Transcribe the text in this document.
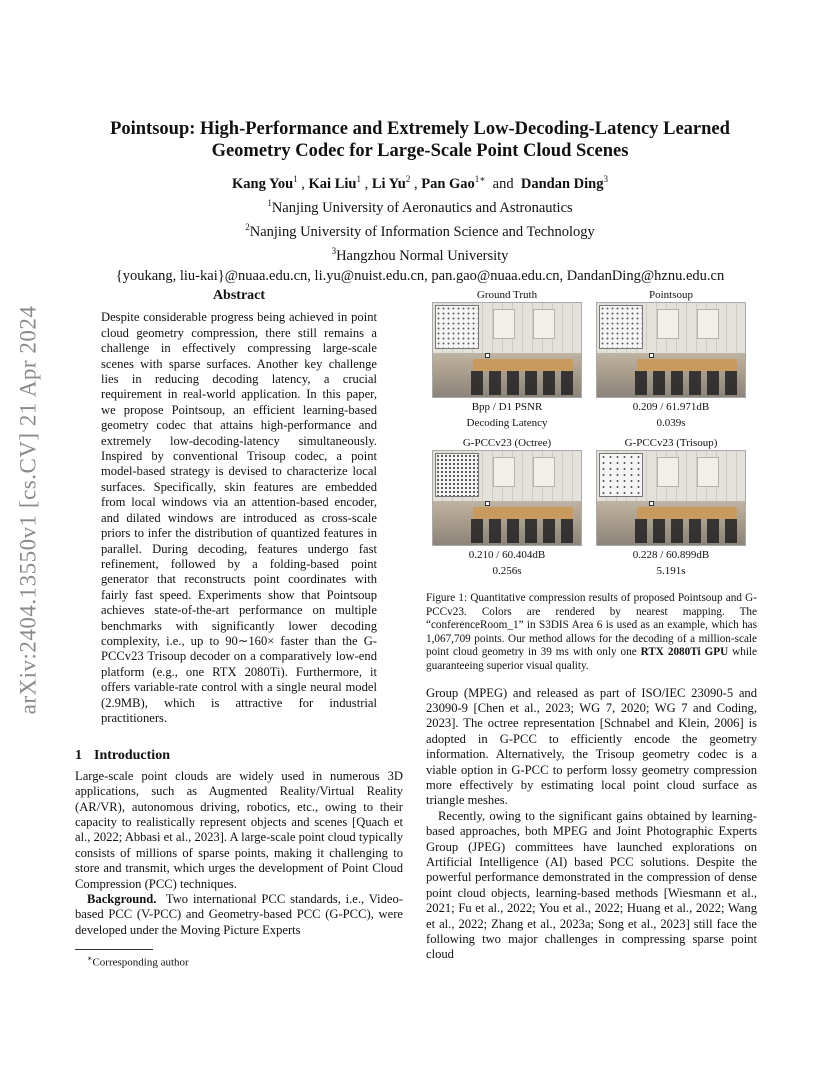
arXiv:2404.13550v1 [cs.CV] 21 Apr 2024
Pointsoup: High-Performance and Extremely Low-Decoding-Latency Learned Geometry Codec for Large-Scale Point Cloud Scenes
Kang You$^1$ , Kai Liu$^1$ , Li Yu$^2$ , Pan Gao$^{1∗}$ and Dandan Ding$^3$
$^1$Nanjing University of Aeronautics and Astronautics
$^2$Nanjing University of Information Science and Technology
$^3$Hangzhou Normal University
{youkang, liu-kai}@nuaa.edu.cn, li.yu@nuist.edu.cn, pan.gao@nuaa.edu.cn, DandanDing@hznu.edu.cn
Abstract
Despite considerable progress being achieved in point cloud geometry compression, there still remains a challenge in effectively compressing large-scale scenes with sparse surfaces. Another key challenge lies in reducing decoding latency, a crucial requirement in real-world application. In this paper, we propose Pointsoup, an efficient learning-based geometry codec that attains high-performance and extremely low-decoding-latency simultaneously. Inspired by conventional Trisoup codec, a point model-based strategy is devised to characterize local surfaces. Specifically, skin features are embedded from local windows via an attention-based encoder, and dilated windows are introduced as cross-scale priors to infer the distribution of quantized features in parallel. During decoding, features undergo fast refinement, followed by a folding-based point generator that reconstructs point coordinates with fairly fast speed. Experiments show that Pointsoup achieves state-of-the-art performance on multiple benchmarks with significantly lower decoding complexity, i.e., up to 90∼160× faster than the G-PCCv23 Trisoup decoder on a comparatively low-end platform (e.g., one RTX 2080Ti). Furthermore, it offers variable-rate control with a single neural model (2.9MB), which is attractive for industrial practitioners.
1 Introduction
Large-scale point clouds are widely used in numerous 3D applications, such as Augmented Reality/Virtual Reality (AR/VR), autonomous driving, robotics, etc., owing to their capacity to realistically represent objects and scenes [Quach et al., 2022; Abbasi et al., 2023]. A large-scale point cloud typically consists of millions of sparse points, making it challenging to store and transmit, which urges the development of Point Cloud Compression (PCC) techniques.
Background. Two international PCC standards, i.e., Video-based PCC (V-PCC) and Geometry-based PCC (G-PCC), were developed under the Moving Picture Experts
∗Corresponding author
Ground Truth
Bpp / D1 PSNR
Decoding Latency
Pointsoup
0.209 / 61.971dB
0.039s
G-PCCv23 (Octree)
0.210 / 60.404dB
0.256s
G-PCCv23 (Trisoup)
0.228 / 60.899dB
5.191s
Figure 1: Quantitative compression results of proposed Pointsoup and G-PCCv23. Colors are rendered by nearest mapping. The “conferenceRoom_1” in S3DIS Area 6 is used as an example, which has 1,067,709 points. Our method allows for the decoding of a million-scale point cloud geometry in 39 ms with only one RTX 2080Ti GPU while guaranteeing superior visual quality.
Group (MPEG) and released as part of ISO/IEC 23090-5 and 23090-9 [Chen et al., 2023; WG 7, 2020; WG 7 and Coding, 2023]. The octree representation [Schnabel and Klein, 2006] is adopted in G-PCC to efficiently encode the geometry information. Alternatively, the Trisoup geometry codec is a viable option in G-PCC to perform lossy geometry compression more effectively by estimating local point cloud surface as triangle meshes.
Recently, owing to the significant gains obtained by learning-based approaches, both MPEG and Joint Photographic Experts Group (JPEG) committees have launched explorations on Artificial Intelligence (AI) based PCC solutions. Despite the powerful performance demonstrated in the compression of dense point cloud objects, learning-based methods [Wiesmann et al., 2021; Fu et al., 2022; You et al., 2022; Huang et al., 2022; Wang et al., 2022; Zhang et al., 2023a; Song et al., 2023] still face the following two major challenges in compressing sparse point cloud
